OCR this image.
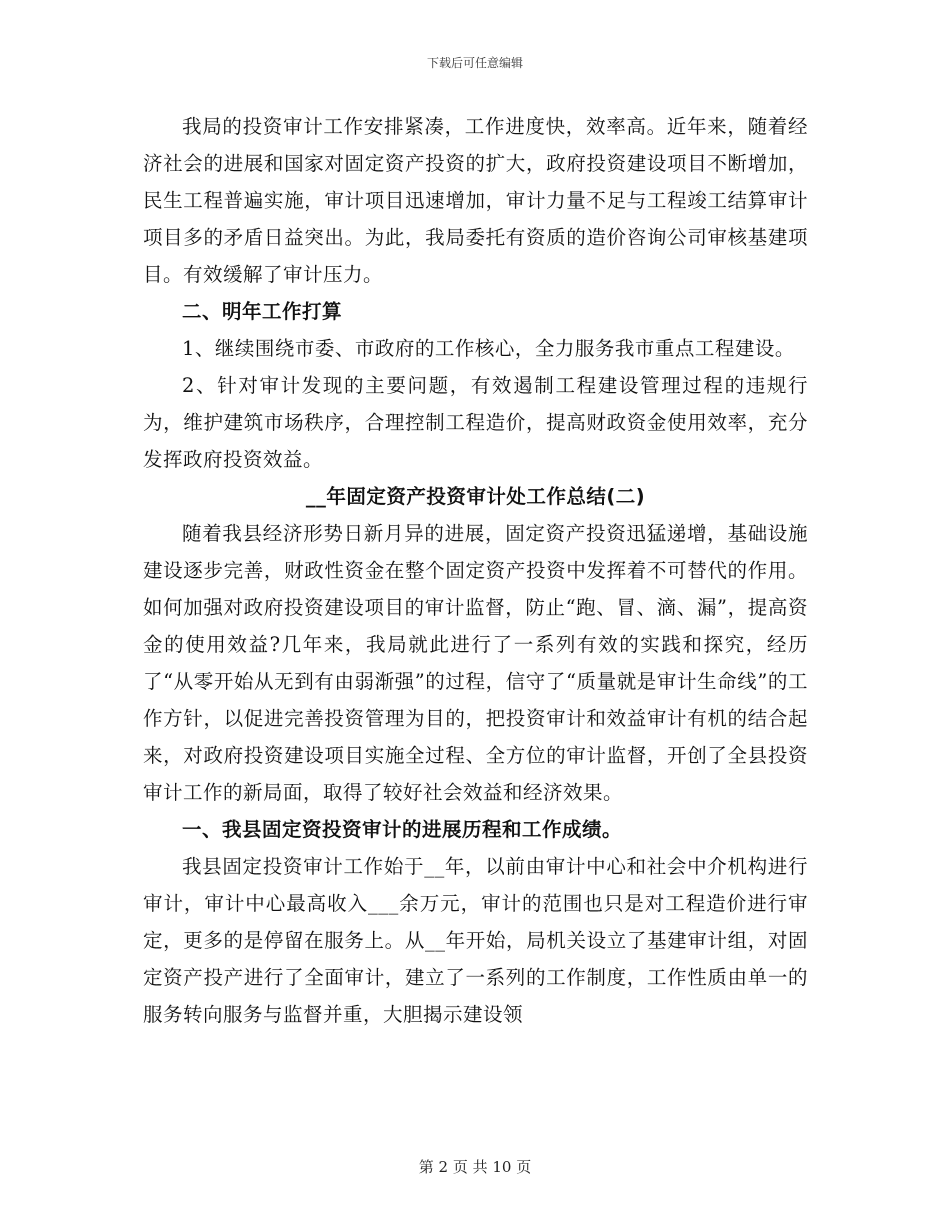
下载后可任意编辑

我局的投资审计工作安排紧凑，工作进度快，效率高。近年来，随着经济社会的进展和国家对固定资产投资的扩大，政府投资建设项目不断增加，民生工程普遍实施，审计项目迅速增加，审计力量不足与工程竣工结算审计项目多的矛盾日益突出。为此，我局委托有资质的造价咨询公司审核基建项目。有效缓解了审计压力。

二、明年工作打算

1、继续围绕市委、市政府的工作核心，全力服务我市重点工程建设。

2、针对审计发现的主要问题，有效遏制工程建设管理过程的违规行为，维护建筑市场秩序，合理控制工程造价，提高财政资金使用效率，充分发挥政府投资效益。

__年固定资产投资审计处工作总结(二)

随着我县经济形势日新月异的进展，固定资产投资迅猛递增，基础设施建设逐步完善，财政性资金在整个固定资产投资中发挥着不可替代的作用。如何加强对政府投资建设项目的审计监督，防止“跑、冒、滴、漏”，提高资金的使用效益?几年来，我局就此进行了一系列有效的实践和探究，经历了“从零开始从无到有由弱渐强”的过程，信守了“质量就是审计生命线”的工作方针，以促进完善投资管理为目的，把投资审计和效益审计有机的结合起来，对政府投资建设项目实施全过程、全方位的审计监督，开创了全县投资审计工作的新局面，取得了较好社会效益和经济效果。

一、我县固定资投资审计的进展历程和工作成绩。

我县固定投资审计工作始于__年，以前由审计中心和社会中介机构进行审计，审计中心最高收入___余万元，审计的范围也只是对工程造价进行审定，更多的是停留在服务上。从__年开始，局机关设立了基建审计组，对固定资产投产进行了全面审计，建立了一系列的工作制度，工作性质由单一的服务转向服务与监督并重，大胆揭示建设领

第 2 页 共 10 页
